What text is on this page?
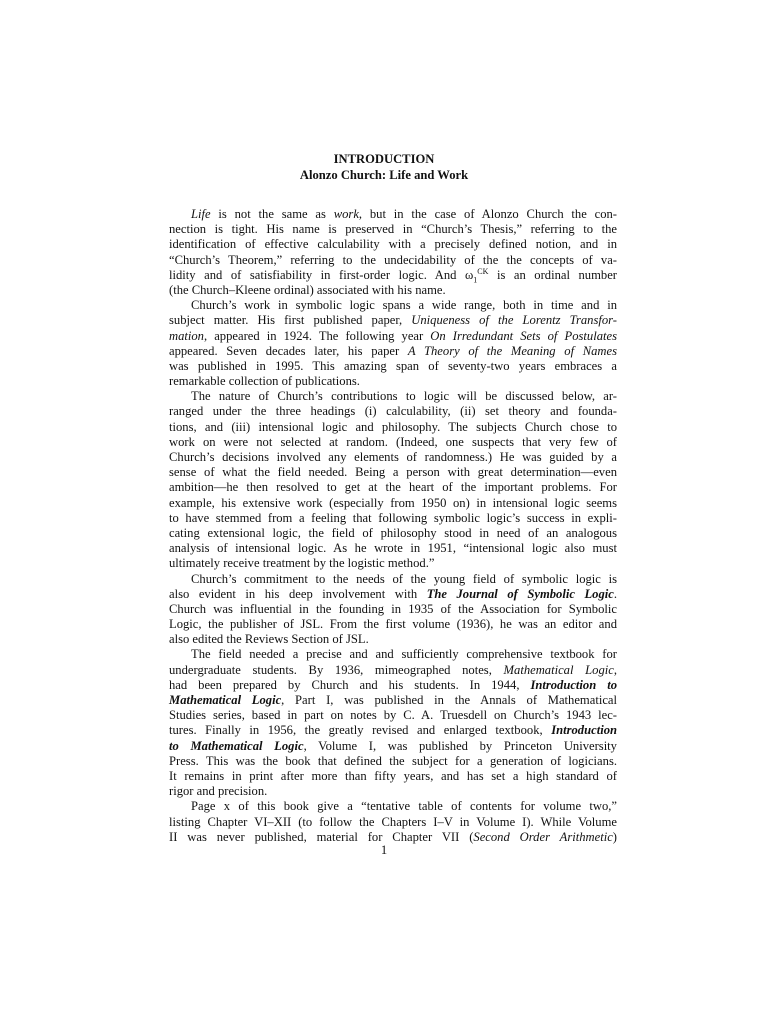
INTRODUCTION
Alonzo Church: Life and Work
Life is not the same as work, but in the case of Alonzo Church the con-
nection is tight. His name is preserved in “Church’s Thesis,” referring to the
identification of effective calculability with a precisely defined notion, and in
“Church’s Theorem,” referring to the undecidability of the the concepts of va-
lidity and of satisfiability in first-order logic. And $\omega_1^{CK}$ is an ordinal number
(the Church–Kleene ordinal) associated with his name.
Church’s work in symbolic logic spans a wide range, both in time and in
subject matter. His first published paper, Uniqueness of the Lorentz Transfor-
mation, appeared in 1924. The following year On Irredundant Sets of Postulates
appeared. Seven decades later, his paper A Theory of the Meaning of Names
was published in 1995. This amazing span of seventy-two years embraces a
remarkable collection of publications.
The nature of Church’s contributions to logic will be discussed below, ar-
ranged under the three headings (i) calculability, (ii) set theory and founda-
tions, and (iii) intensional logic and philosophy. The subjects Church chose to
work on were not selected at random. (Indeed, one suspects that very few of
Church’s decisions involved any elements of randomness.) He was guided by a
sense of what the field needed. Being a person with great determination—even
ambition—he then resolved to get at the heart of the important problems. For
example, his extensive work (especially from 1950 on) in intensional logic seems
to have stemmed from a feeling that following symbolic logic’s success in expli-
cating extensional logic, the field of philosophy stood in need of an analogous
analysis of intensional logic. As he wrote in 1951, “intensional logic also must
ultimately receive treatment by the logistic method.”
Church’s commitment to the needs of the young field of symbolic logic is
also evident in his deep involvement with The Journal of Symbolic Logic.
Church was influential in the founding in 1935 of the Association for Symbolic
Logic, the publisher of JSL. From the first volume (1936), he was an editor and
also edited the Reviews Section of JSL.
The field needed a precise and and sufficiently comprehensive textbook for
undergraduate students. By 1936, mimeographed notes, Mathematical Logic,
had been prepared by Church and his students. In 1944, Introduction to
Mathematical Logic, Part I, was published in the Annals of Mathematical
Studies series, based in part on notes by C. A. Truesdell on Church’s 1943 lec-
tures. Finally in 1956, the greatly revised and enlarged textbook, Introduction
to Mathematical Logic, Volume I, was published by Princeton University
Press. This was the book that defined the subject for a generation of logicians.
It remains in print after more than fifty years, and has set a high standard of
rigor and precision.
Page x of this book give a “tentative table of contents for volume two,”
listing Chapter VI–XII (to follow the Chapters I–V in Volume I). While Volume
II was never published, material for Chapter VII (Second Order Arithmetic)
1
